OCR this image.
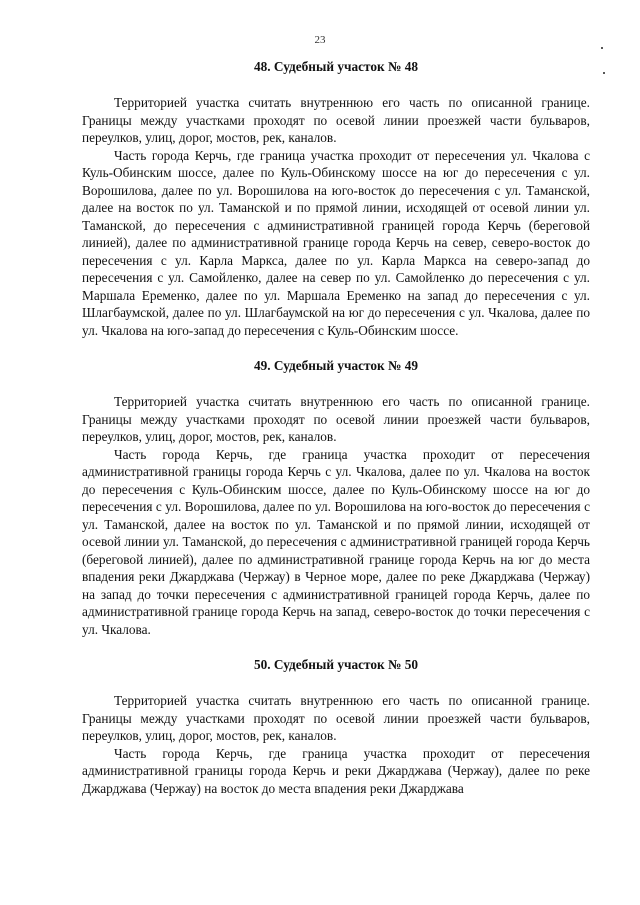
23
48. Судебный участок № 48

Территорией участка считать внутреннюю его часть по описанной границе. Границы между участками проходят по осевой линии проезжей части бульваров, переулков, улиц, дорог, мостов, рек, каналов.

Часть города Керчь, где граница участка проходит от пересечения ул. Чкалова с Куль-Обинским шоссе, далее по Куль-Обинскому шоссе на юг до пересечения с ул. Ворошилова, далее по ул. Ворошилова на юго-восток до пересечения с ул. Таманской, далее на восток по ул. Таманской и по прямой линии, исходящей от осевой линии ул. Таманской, до пересечения с административной границей города Керчь (береговой линией), далее по административной границе города Керчь на север, северо-восток до пересечения с ул. Карла Маркса, далее по ул. Карла Маркса на северо-запад до пересечения с ул. Самойленко, далее на север по ул. Самойленко до пересечения с ул. Маршала Еременко, далее по ул. Маршала Еременко на запад до пересечения с ул. Шлагбаумской, далее по ул. Шлагбаумской на юг до пересечения с ул. Чкалова, далее по ул. Чкалова на юго-запад до пересечения с Куль-Обинским шоссе.

49. Судебный участок № 49

Территорией участка считать внутреннюю его часть по описанной границе. Границы между участками проходят по осевой линии проезжей части бульваров, переулков, улиц, дорог, мостов, рек, каналов.

Часть города Керчь, где граница участка проходит от пересечения административной границы города Керчь с ул. Чкалова, далее по ул. Чкалова на восток до пересечения с Куль-Обинским шоссе, далее по Куль-Обинскому шоссе на юг до пересечения с ул. Ворошилова, далее по ул. Ворошилова на юго-восток до пересечения с ул. Таманской, далее на восток по ул. Таманской и по прямой линии, исходящей от осевой линии ул. Таманской, до пересечения с административной границей города Керчь (береговой линией), далее по административной границе города Керчь на юг до места впадения реки Джарджава (Чержау) в Черное море, далее по реке Джарджава (Чержау) на запад до точки пересечения с административной границей города Керчь, далее по административной границе города Керчь на запад, северо-восток до точки пересечения с ул. Чкалова.

50. Судебный участок № 50

Территорией участка считать внутреннюю его часть по описанной границе. Границы между участками проходят по осевой линии проезжей части бульваров, переулков, улиц, дорог, мостов, рек, каналов.

Часть города Керчь, где граница участка проходит от пересечения административной границы города Керчь и реки Джарджава (Чержау), далее по реке Джарджава (Чержау) на восток до места впадения реки Джарджава
